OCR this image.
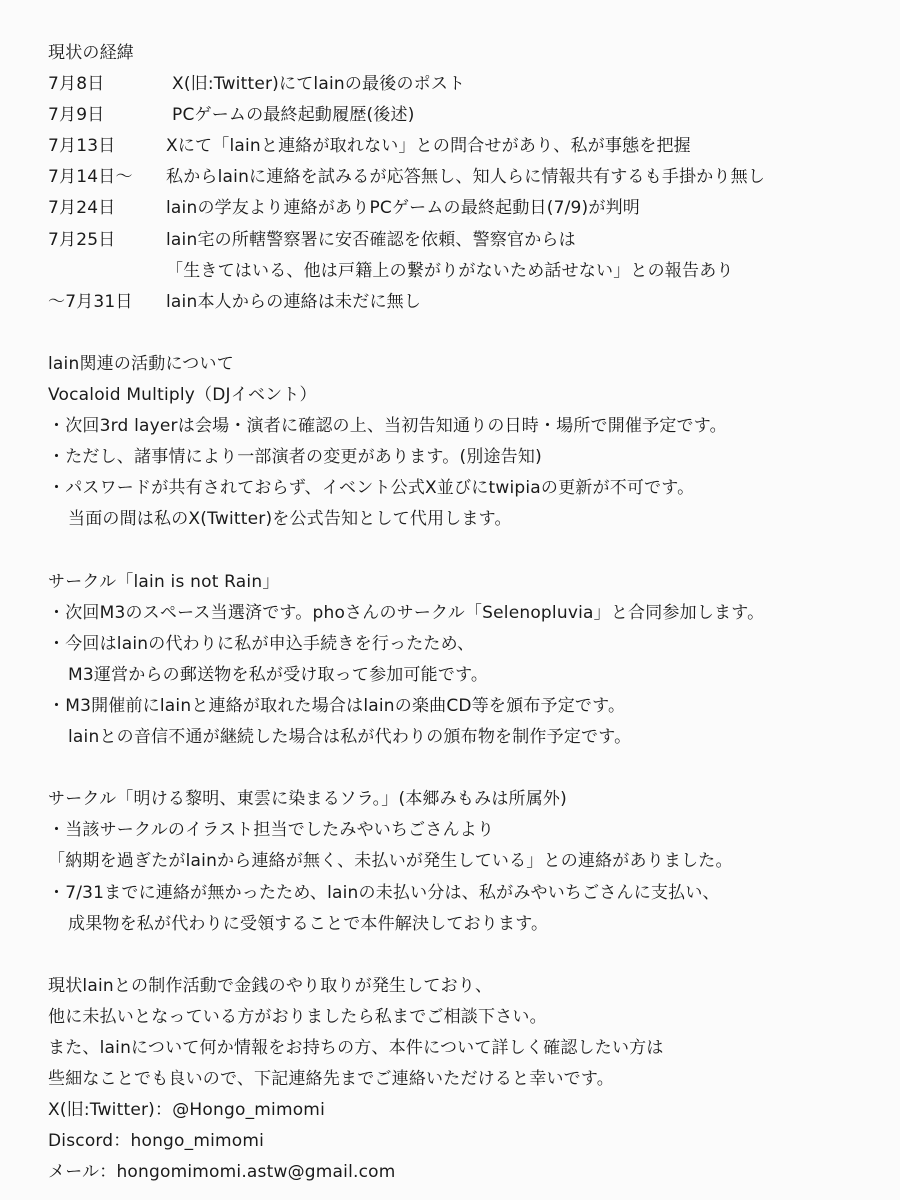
現状の経緯
7月8日	X(旧:Twitter)にてlainの最後のポスト
7月9日	PCゲームの最終起動履歴(後述)
7月13日	Xにて「lainと連絡が取れない」との問合せがあり、私が事態を把握
7月14日〜 私からlainに連絡を試みるが応答無し、知人らに情報共有するも手掛かり無し
7月24日	lainの学友より連絡がありPCゲームの最終起動日(7/9)が判明
7月25日	lain宅の所轄警察署に安否確認を依頼、警察官からは
「生きてはいる、他は戸籍上の繋がりがないため話せない」との報告あり
〜7月31日 lain本人からの連絡は未だに無し
lain関連の活動について
Vocaloid Multiply（DJイベント）
・次回3rd layerは会場・演者に確認の上、当初告知通りの日時・場所で開催予定です。
・ただし、諸事情により一部演者の変更があります。(別途告知)
・パスワードが共有されておらず、イベント公式X並びにtwipiaの更新が不可です。
当面の間は私のX(Twitter)を公式告知として代用します。
サークル「lain is not Rain」
・次回M3のスペース当選済です。phoさんのサークル「Selenopluvia」と合同参加します。
・今回はlainの代わりに私が申込手続きを行ったため、
M3運営からの郵送物を私が受け取って参加可能です。
・M3開催前にlainと連絡が取れた場合はlainの楽曲CD等を頒布予定です。
lainとの音信不通が継続した場合は私が代わりの頒布物を制作予定です。
サークル「明ける黎明、東雲に染まるソラ。」(本郷みもみは所属外)
・当該サークルのイラスト担当でしたみやいちごさんより
「納期を過ぎたがlainから連絡が無く、未払いが発生している」との連絡がありました。
・7/31までに連絡が無かったため、lainの未払い分は、私がみやいちごさんに支払い、
成果物を私が代わりに受領することで本件解決しております。
現状lainとの制作活動で金銭のやり取りが発生しており、
他に未払いとなっている方がおりましたら私までご相談下さい。
また、lainについて何か情報をお持ちの方、本件について詳しく確認したい方は
些細なことでも良いので、下記連絡先までご連絡いただけると幸いです。
X(旧:Twitter)：@Hongo_mimomi
Discord：hongo_mimomi
メール：hongomimomi.astw@gmail.com
